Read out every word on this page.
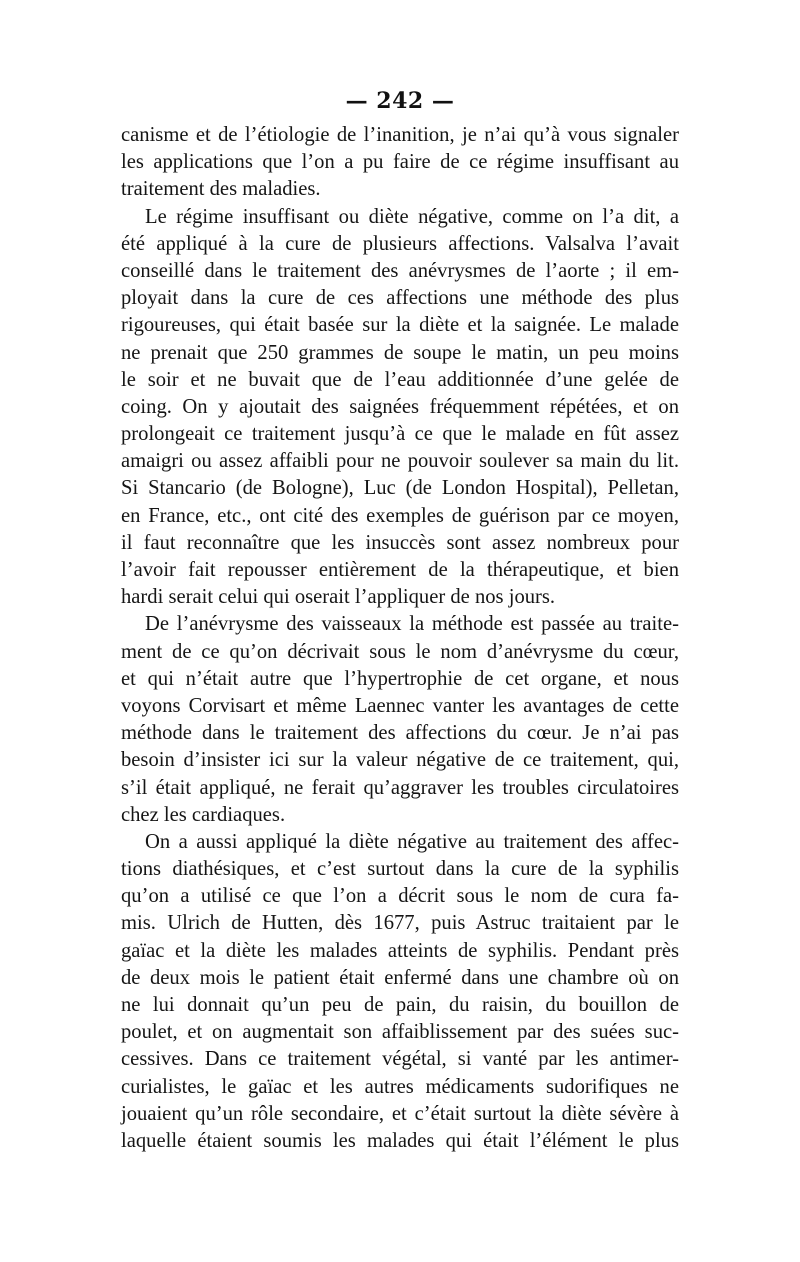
— 242 —
canisme et de l’étiologie de l’inanition, je n’ai qu’à vous signaler
les applications que l’on a pu faire de ce régime insuffisant au
traitement des maladies.
Le régime insuffisant ou diète négative, comme on l’a dit, a
été appliqué à la cure de plusieurs affections. Valsalva l’avait
conseillé dans le traitement des anévrysmes de l’aorte ; il em-
ployait dans la cure de ces affections une méthode des plus
rigoureuses, qui était basée sur la diète et la saignée. Le malade
ne prenait que 250 grammes de soupe le matin, un peu moins
le soir et ne buvait que de l’eau additionnée d’une gelée de
coing. On y ajoutait des saignées fréquemment répétées, et on
prolongeait ce traitement jusqu’à ce que le malade en fût assez
amaigri ou assez affaibli pour ne pouvoir soulever sa main du lit.
Si Stancario (de Bologne), Luc (de London Hospital), Pelletan,
en France, etc., ont cité des exemples de guérison par ce moyen,
il faut reconnaître que les insuccès sont assez nombreux pour
l’avoir fait repousser entièrement de la thérapeutique, et bien
hardi serait celui qui oserait l’appliquer de nos jours.
De l’anévrysme des vaisseaux la méthode est passée au traite-
ment de ce qu’on décrivait sous le nom d’anévrysme du cœur,
et qui n’était autre que l’hypertrophie de cet organe, et nous
voyons Corvisart et même Laennec vanter les avantages de cette
méthode dans le traitement des affections du cœur. Je n’ai pas
besoin d’insister ici sur la valeur négative de ce traitement, qui,
s’il était appliqué, ne ferait qu’aggraver les troubles circulatoires
chez les cardiaques.
On a aussi appliqué la diète négative au traitement des affec-
tions diathésiques, et c’est surtout dans la cure de la syphilis
qu’on a utilisé ce que l’on a décrit sous le nom de cura fa-
mis. Ulrich de Hutten, dès 1677, puis Astruc traitaient par le
gaïac et la diète les malades atteints de syphilis. Pendant près
de deux mois le patient était enfermé dans une chambre où on
ne lui donnait qu’un peu de pain, du raisin, du bouillon de
poulet, et on augmentait son affaiblissement par des suées suc-
cessives. Dans ce traitement végétal, si vanté par les antimer-
curialistes, le gaïac et les autres médicaments sudorifiques ne
jouaient qu’un rôle secondaire, et c’était surtout la diète sévère à
laquelle étaient soumis les malades qui était l’élément le plus
